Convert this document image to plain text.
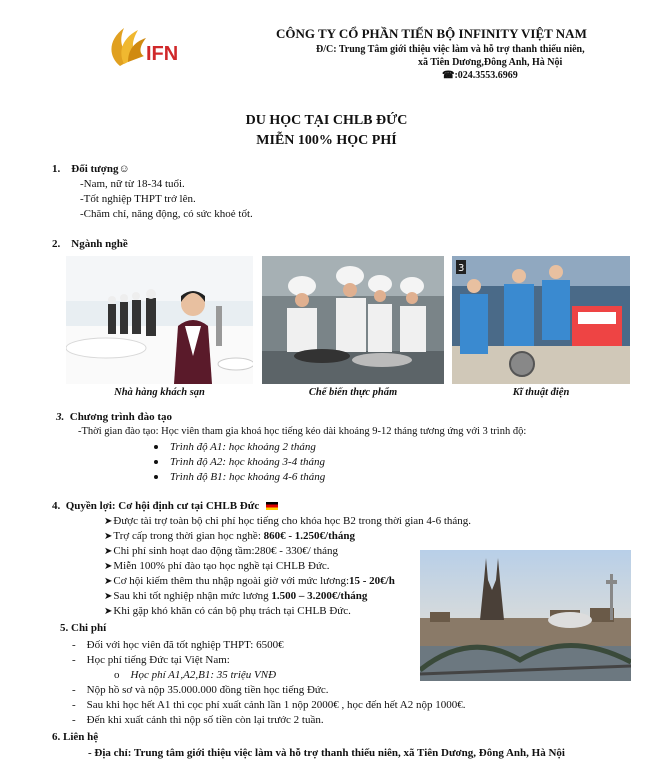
IFN
CÔNG TY CỔ PHẦN TIẾN BỘ INFINITY VIỆT NAM
Đ/C: Trung Tâm giới thiệu việc làm và hỗ trợ thanh thiếu niên,
xã Tiên Dương,Đông Anh, Hà Nội
☎:024.3553.6969
DU HỌC TẠI CHLB ĐỨC
MIỄN 100% HỌC PHÍ
1. Đối tượng☺
-Nam, nữ từ 18-34 tuổi.
-Tốt nghiệp THPT trở lên.
-Chăm chỉ, năng động, có sức khoẻ tốt.
2. Ngành nghề
3
Nhà hàng khách sạn	Chế biến thực phẩm	Kĩ thuật điện
3. Chương trình đào tạo
-Thời gian đào tạo: Học viên tham gia khoá học tiếng kéo dài khoảng 9-12 tháng tương ứng với 3 trình độ:
Trình độ A1: học khoảng 2 tháng
Trình độ A2: học khoảng 3-4 tháng
Trình độ B1: học khoảng 4-6 tháng
4. Quyền lợi: Cơ hội định cư tại CHLB Đức
➤Được tài trợ toàn bộ chi phí học tiếng cho khóa học B2 trong thời gian 4-6 tháng.
➤Trợ cấp trong thời gian học nghề: 860€ - 1.250€/tháng
➤Chi phí sinh hoạt dao động tầm:280€ - 330€/ tháng
➤Miễn 100% phí đào tạo học nghề tại CHLB Đức.
➤Cơ hội kiếm thêm thu nhập ngoài giờ với mức lương:15 - 20€/h
➤Sau khi tốt nghiệp nhận mức lương 1.500 – 3.200€/tháng
➤Khi gặp khó khăn có cán bộ phụ trách tại CHLB Đức.
5. Chi phí
-    Đối với học viên đã tốt nghiệp THPT: 6500€
-    Học phí tiếng Đức tại Việt Nam:
o    Học phí A1,A2,B1: 35 triệu VNĐ
-    Nộp hồ sơ và nộp 35.000.000 đồng tiền học tiếng Đức.
-    Sau khi học hết A1 thì cọc phí xuất cảnh lần 1 nộp 2000€ , học đến hết A2 nộp 1000€.
-    Đến khi xuất cảnh thì nộp số tiền còn lại trước 2 tuần.
6. Liên hệ
- Địa chỉ: Trung tâm giới thiệu việc làm và hỗ trợ thanh thiếu niên, xã Tiên Dương, Đông Anh, Hà Nội
